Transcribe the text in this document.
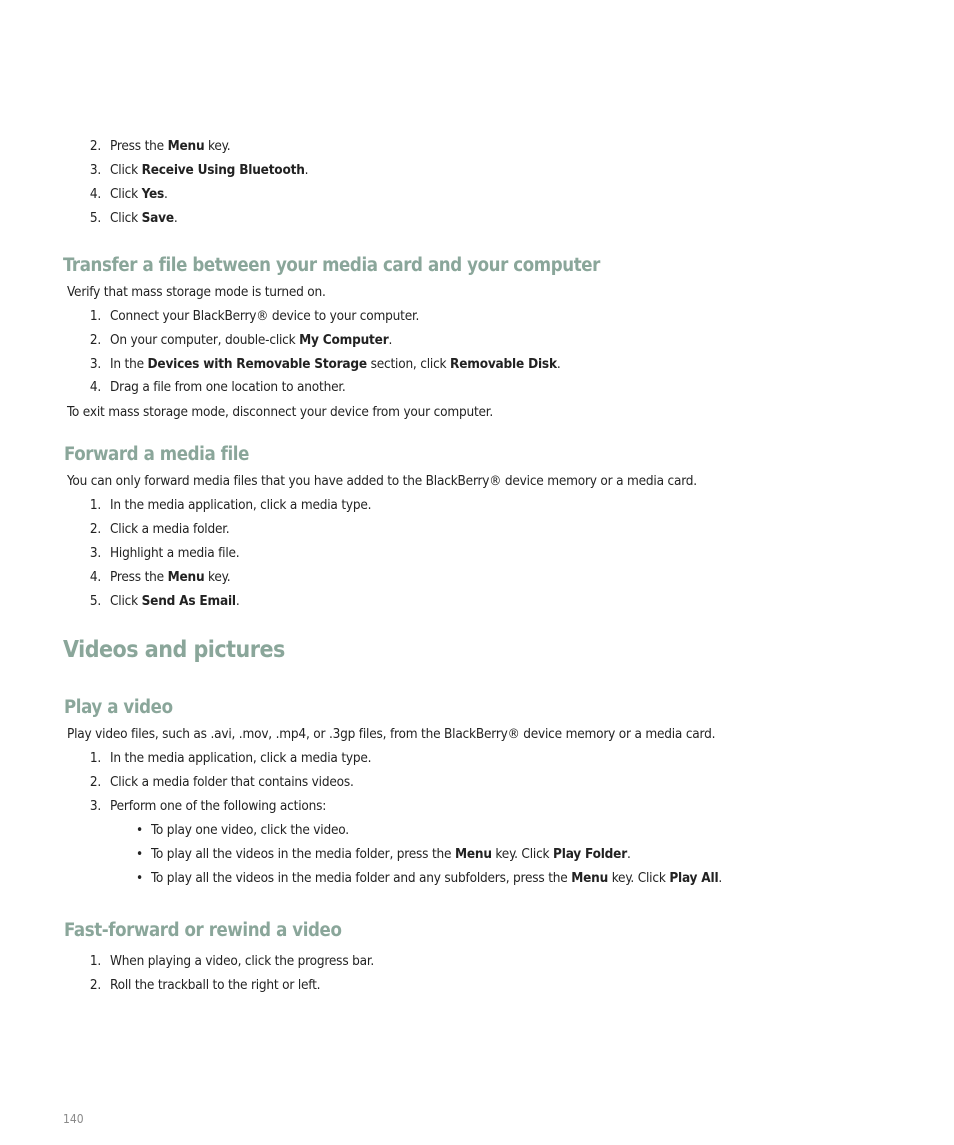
2. Press the Menu key.
3. Click Receive Using Bluetooth.
4. Click Yes.
5. Click Save.
Transfer a file between your media card and your computer
Verify that mass storage mode is turned on.
1. Connect your BlackBerry® device to your computer.
2. On your computer, double-click My Computer.
3. In the Devices with Removable Storage section, click Removable Disk.
4. Drag a file from one location to another.
To exit mass storage mode, disconnect your device from your computer.
Forward a media file
You can only forward media files that you have added to the BlackBerry® device memory or a media card.
1. In the media application, click a media type.
2. Click a media folder.
3. Highlight a media file.
4. Press the Menu key.
5. Click Send As Email.
Videos and pictures
Play a video
Play video files, such as .avi, .mov, .mp4, or .3gp files, from the BlackBerry® device memory or a media card.
1. In the media application, click a media type.
2. Click a media folder that contains videos.
3. Perform one of the following actions:
• To play one video, click the video.
• To play all the videos in the media folder, press the Menu key. Click Play Folder.
• To play all the videos in the media folder and any subfolders, press the Menu key. Click Play All.
Fast-forward or rewind a video
1. When playing a video, click the progress bar.
2. Roll the trackball to the right or left.
140
